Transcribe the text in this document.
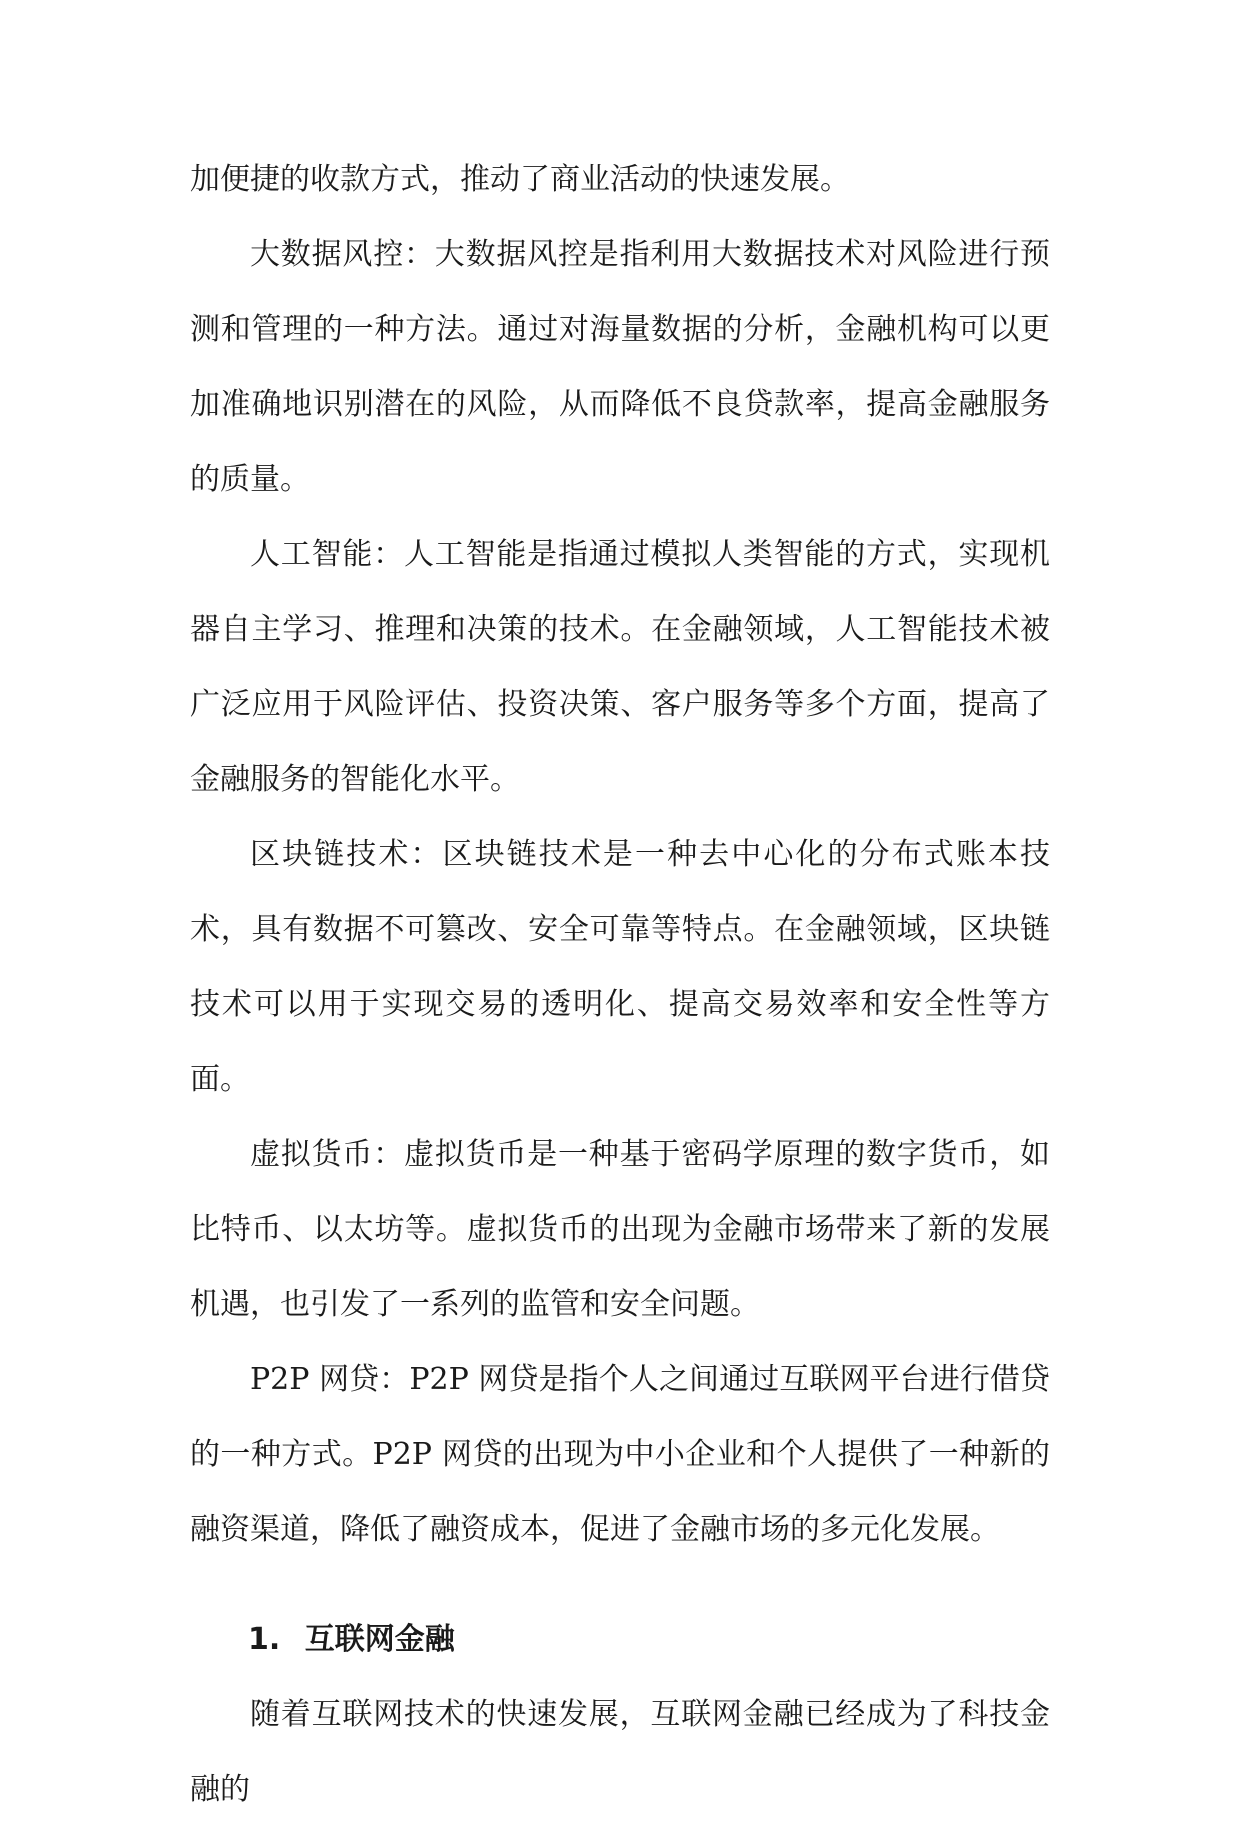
加便捷的收款方式，推动了商业活动的快速发展。

大数据风控：大数据风控是指利用大数据技术对风险进行预测和管理的一种方法。通过对海量数据的分析，金融机构可以更加准确地识别潜在的风险，从而降低不良贷款率，提高金融服务的质量。

人工智能：人工智能是指通过模拟人类智能的方式，实现机器自主学习、推理和决策的技术。在金融领域，人工智能技术被广泛应用于风险评估、投资决策、客户服务等多个方面，提高了金融服务的智能化水平。

区块链技术：区块链技术是一种去中心化的分布式账本技术，具有数据不可篡改、安全可靠等特点。在金融领域，区块链技术可以用于实现交易的透明化、提高交易效率和安全性等方面。

虚拟货币：虚拟货币是一种基于密码学原理的数字货币，如比特币、以太坊等。虚拟货币的出现为金融市场带来了新的发展机遇，也引发了一系列的监管和安全问题。

P2P 网贷：P2P 网贷是指个人之间通过互联网平台进行借贷的一种方式。P2P 网贷的出现为中小企业和个人提供了一种新的融资渠道，降低了融资成本，促进了金融市场的多元化发展。

1. 互联网金融

随着互联网技术的快速发展，互联网金融已经成为了科技金融的
